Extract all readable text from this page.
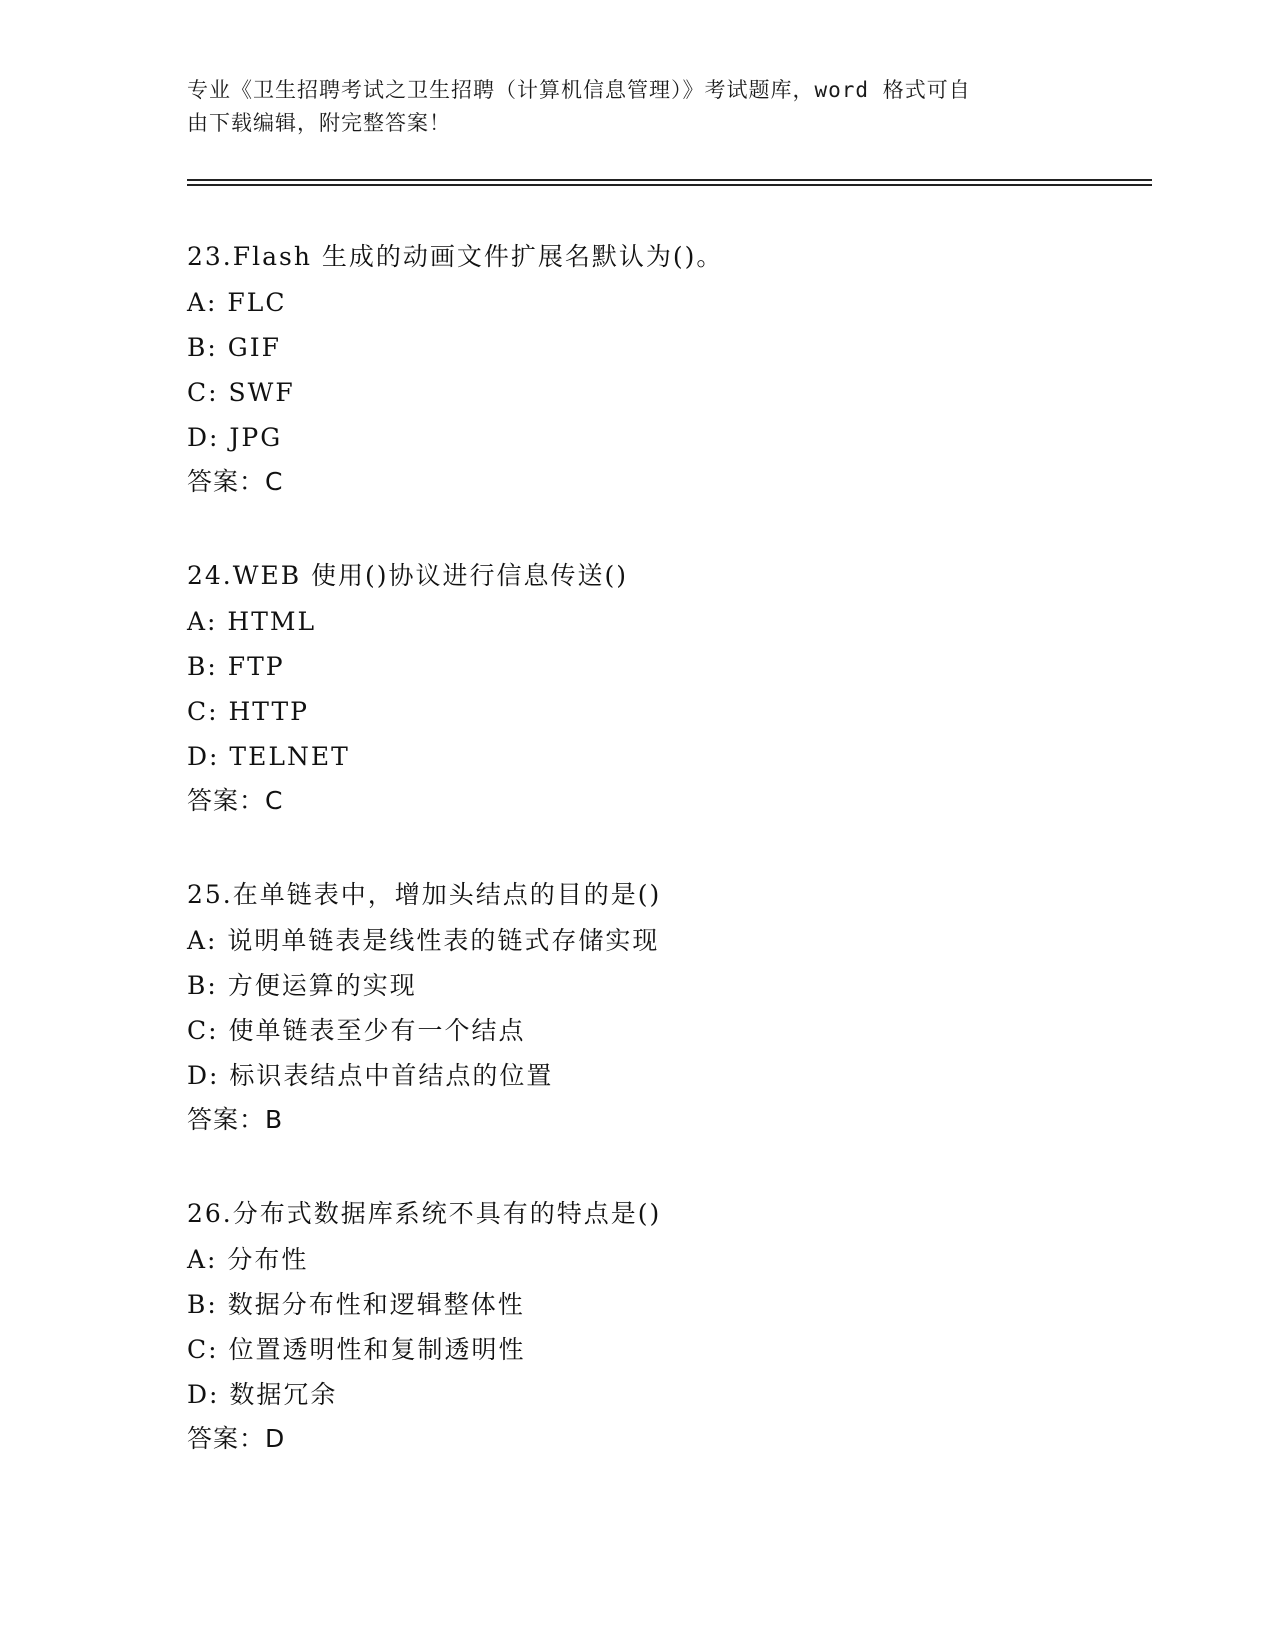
专业《卫生招聘考试之卫生招聘（计算机信息管理）》考试题库，word 格式可自
由下载编辑，附完整答案！
23.Flash 生成的动画文件扩展名默认为()。
A: FLC
B: GIF
C: SWF
D: JPG
答案：C
24.WEB 使用()协议进行信息传送()
A: HTML
B: FTP
C: HTTP
D: TELNET
答案：C
25.在单链表中，增加头结点的目的是()
A: 说明单链表是线性表的链式存储实现
B: 方便运算的实现
C: 使单链表至少有一个结点
D: 标识表结点中首结点的位置
答案：B
26.分布式数据库系统不具有的特点是()
A: 分布性
B: 数据分布性和逻辑整体性
C: 位置透明性和复制透明性
D: 数据冗余
答案：D
